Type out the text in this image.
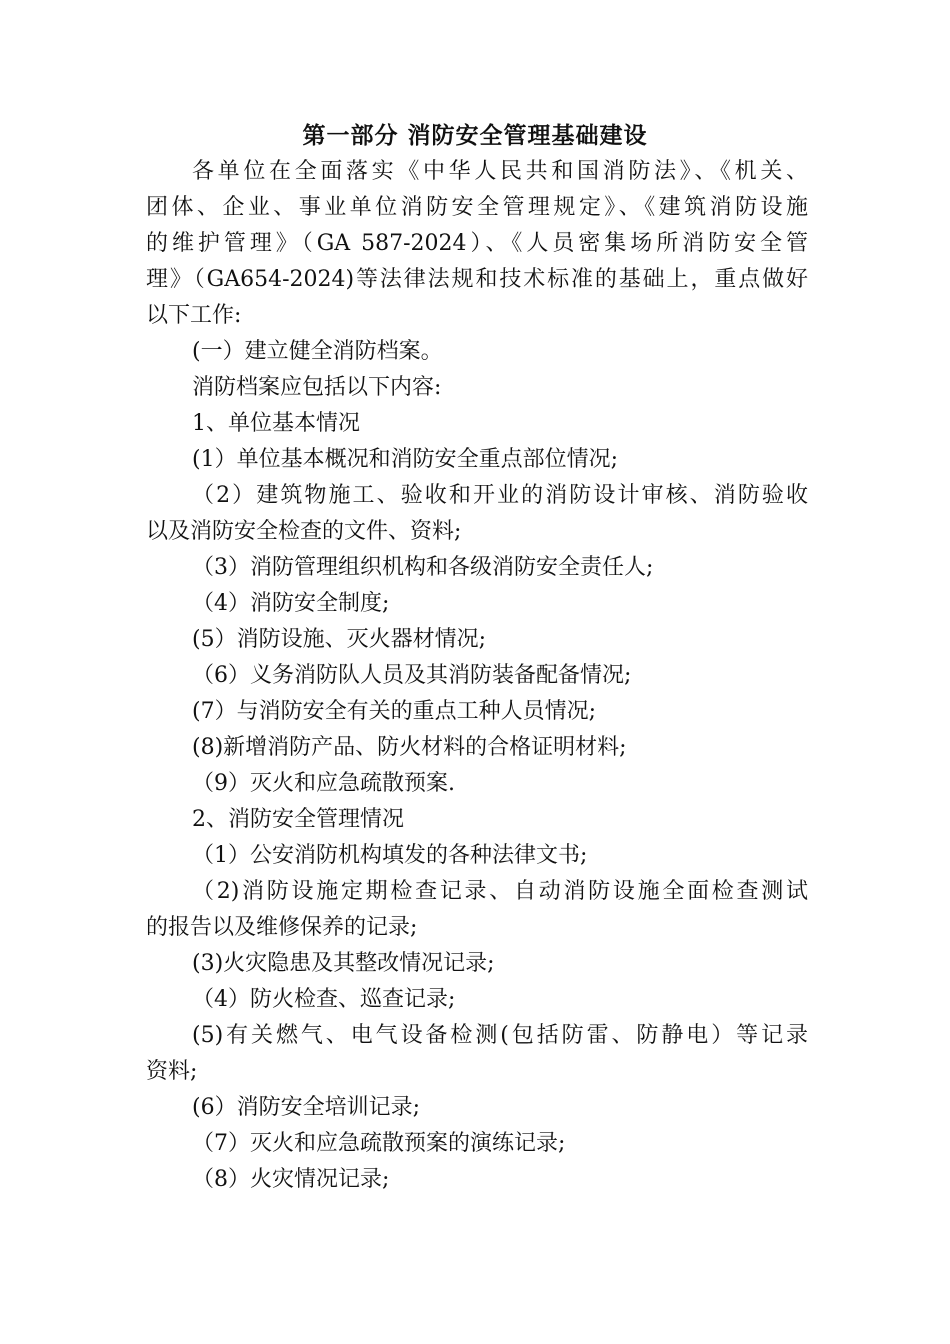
第一部分 消防安全管理基础建设
各单位在全面落实《中华人民共和国消防法》、《机关、
团体、企业、事业单位消防安全管理规定》、《建筑消防设施
的维护管理》（GA 587-2024）、《人员密集场所消防安全管
理》（GA654-2024)等法律法规和技术标准的基础上，重点做好
以下工作:
(一）建立健全消防档案。
消防档案应包括以下内容:
1、单位基本情况
(1）单位基本概况和消防安全重点部位情况;
（2）建筑物施工、验收和开业的消防设计审核、消防验收
以及消防安全检查的文件、资料;
（3）消防管理组织机构和各级消防安全责任人;
（4）消防安全制度;
(5）消防设施、灭火器材情况;
（6）义务消防队人员及其消防装备配备情况;
(7）与消防安全有关的重点工种人员情况;
(8)新增消防产品、防火材料的合格证明材料;
（9）灭火和应急疏散预案.
2、消防安全管理情况
（1）公安消防机构填发的各种法律文书;
（2)消防设施定期检查记录、自动消防设施全面检查测试
的报告以及维修保养的记录;
(3)火灾隐患及其整改情况记录;
（4）防火检查、巡查记录;
(5)有关燃气、电气设备检测(包括防雷、防静电）等记录
资料;
(6）消防安全培训记录;
（7）灭火和应急疏散预案的演练记录;
（8）火灾情况记录;
